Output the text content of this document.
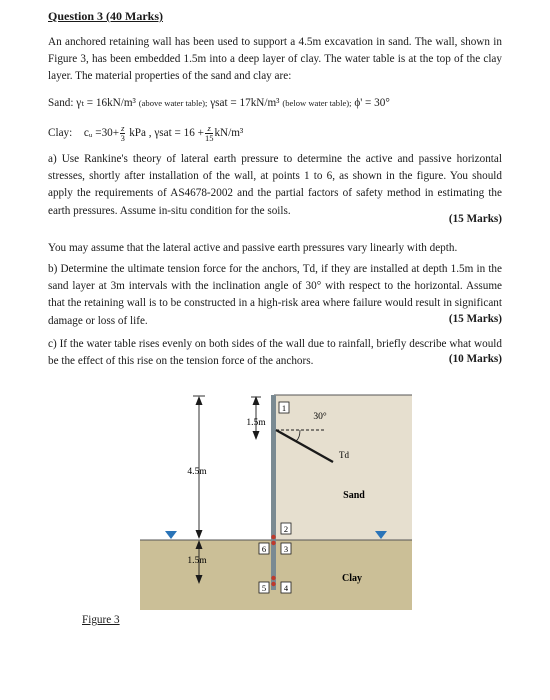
Question 3 (40 Marks)
An anchored retaining wall has been used to support a 4.5m excavation in sand. The wall, shown in Figure 3, has been embedded 1.5m into a deep layer of clay. The water table is at the top of the clay layer. The material properties of the sand and clay are:
Sand: γₜ = 16kN/m³ (above water table); γsat = 17kN/m³ (below water table); ϕ' = 30°
Clay: cᵤ $=30+ \frac{z}{3}$ kPa , $\gamma sat = 16 + \frac{z}{15} kN/m^3$
a) Use Rankine's theory of lateral earth pressure to determine the active and passive horizontal stresses, shortly after installation of the wall, at points 1 to 6, as shown in the figure. You should apply the requirements of AS4678-2002 and the partial factors of safety method in estimating the earth pressures. Assume in-situ condition for the soils.
(15 Marks)
You may assume that the lateral active and passive earth pressures vary linearly with depth.
b) Determine the ultimate tension force for the anchors, Td, if they are installed at depth 1.5m in the sand layer at 3m intervals with the inclination angle of 30° with respect to the horizontal. Assume that the retaining wall is to be constructed in a high-risk area where failure would result in significant damage or loss of life.	(15 Marks)
c) If the water table rises evenly on both sides of the wall due to rainfall, briefly describe what would be the effect of this rise on the tension force of the anchors.	(10 Marks)
1
2
3
4
5
6
1.5m
4.5m
1.5m
30°
Td
Sand
Clay
Figure 3
